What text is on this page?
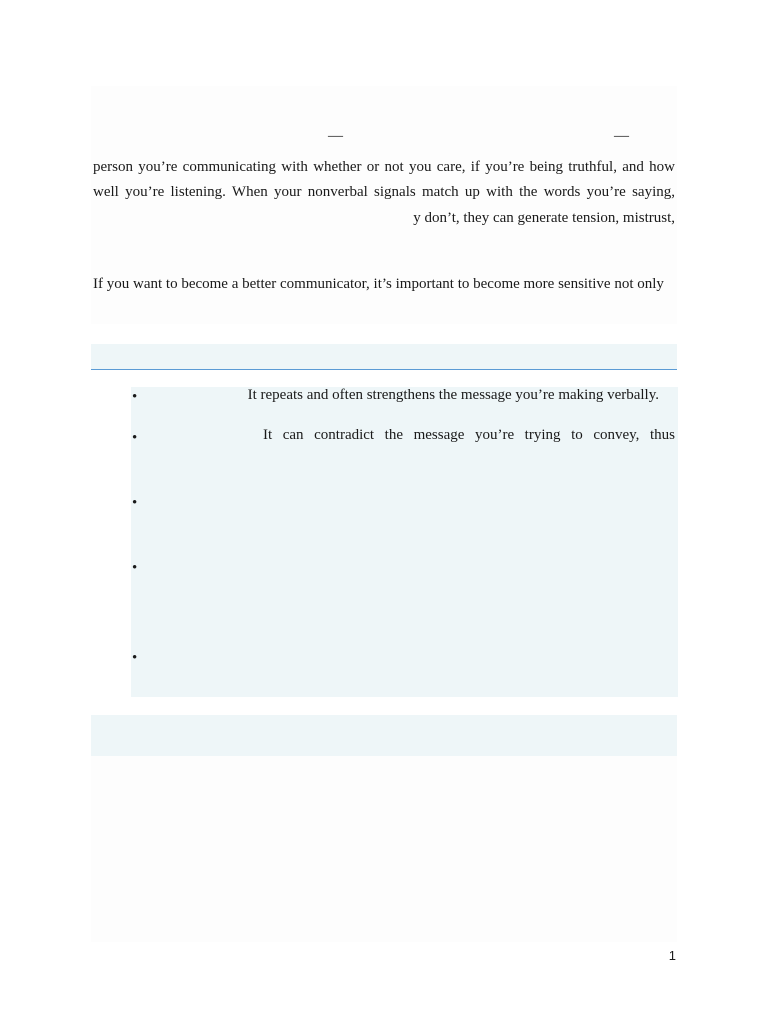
—	—
person you’re communicating with whether or not you care, if you’re being truthful, and how
well you’re listening. When your nonverbal signals match up with the words you’re saying,
y don’t, they can generate tension, mistrust,
If you want to become a better communicator, it’s important to become more sensitive not only
•
•
•
•
•
It repeats and often strengthens the message you’re making verbally.
It can contradict the message you’re trying to convey, thus
1
